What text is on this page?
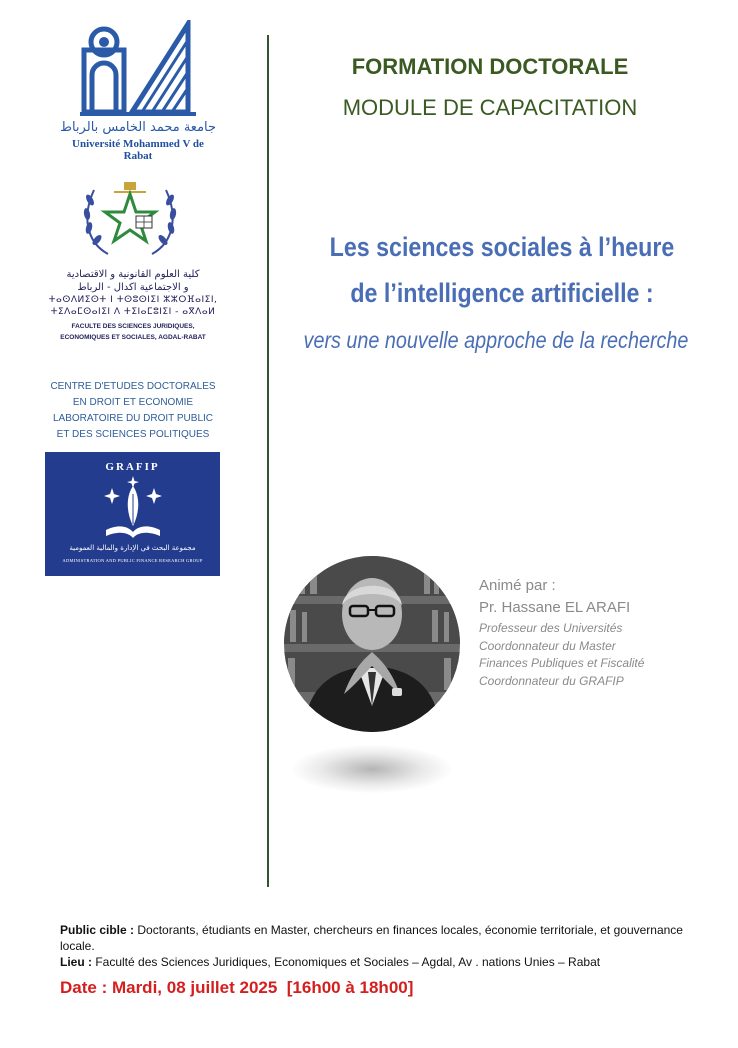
جامعة محمد الخامس بالرباط
Université Mohammed V de Rabat
كلية العلوم القانونية و الاقتصادية
و الاجتماعية اكدال - الرباط
ⵜⴰⵙⴷⵍⵉⵙⵜ ⵏ ⵜⵙⵓⵙⵏⵉⵏ ⵣⵣⵔⴼⴰⵏⵉⵏ,
ⵜⵉⴷⴰⵎⵙⴰⵏⵉⵏ ⴷ ⵜⵉⵏⴰⵎⵓⵏⵉⵏ - ⴰⴳⴷⴰⵍ
FACULTE DES SCIENCES JURIDIQUES,
ECONOMIQUES ET SOCIALES, AGDAL-RABAT
CENTRE D'ETUDES DOCTORALES
EN DROIT ET ECONOMIE
LABORATOIRE DU DROIT PUBLIC
ET DES SCIENCES POLITIQUES
GRAFIP
مجموعة البحث في الإدارة والمالية العمومية
ADMINISTRATION AND PUBLIC FINANCE RESEARCH GROUP
FORMATION DOCTORALE
MODULE DE CAPACITATION
Les sciences sociales à l’heure
de l’intelligence artificielle :
vers une nouvelle approche de la recherche
Animé par :
Pr. Hassane EL ARAFI
Professeur des Universités
Coordonnateur du Master
Finances Publiques et Fiscalité
Coordonnateur du GRAFIP
Public cible : Doctorants, étudiants en Master, chercheurs en finances locales, économie territoriale, et gouvernance locale.
Lieu : Faculté des Sciences Juridiques, Economiques et Sociales – Agdal, Av . nations Unies – Rabat
Date : Mardi, 08 juillet 2025  [16h00 à 18h00]
